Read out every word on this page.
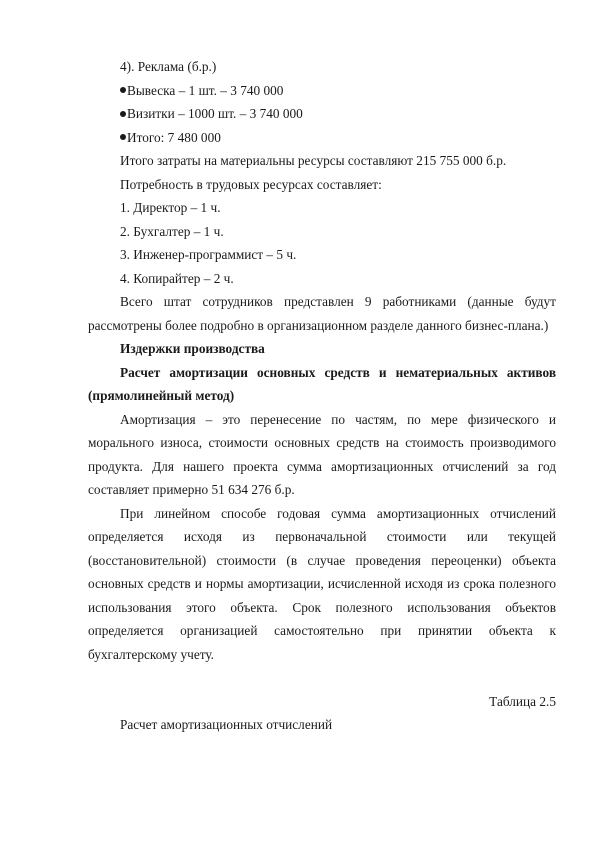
4). Реклама (б.р.)

Вывеска – 1 шт. – 3 740 000

Визитки – 1000 шт. – 3 740 000

Итого: 7 480 000

Итого затраты на материальны ресурсы составляют 215 755 000 б.р.

Потребность в трудовых ресурсах составляет:

1. Директор – 1 ч.

2. Бухгалтер – 1 ч.

3. Инженер-программист – 5 ч.

4. Копирайтер – 2 ч.

Всего штат сотрудников представлен 9 работниками (данные будут рассмотрены более подробно в организационном разделе данного бизнес-плана.)

Издержки производства

Расчет амортизации основных средств и нематериальных активов (прямолинейный метод)

Амортизация – это перенесение по частям, по мере физического и морального износа, стоимости основных средств на стоимость производимого продукта. Для нашего проекта сумма амортизационных отчислений за год составляет примерно 51 634 276 б.р.

При линейном способе годовая сумма амортизационных отчислений определяется исходя из первоначальной стоимости или текущей (восстановительной) стоимости (в случае проведения переоценки) объекта основных средств и нормы амортизации, исчисленной исходя из срока полезного использования этого объекта. Срок полезного использования объектов определяется организацией самостоятельно при принятии объекта к бухгалтерскому учету.

Таблица 2.5

Расчет амортизационных отчислений
